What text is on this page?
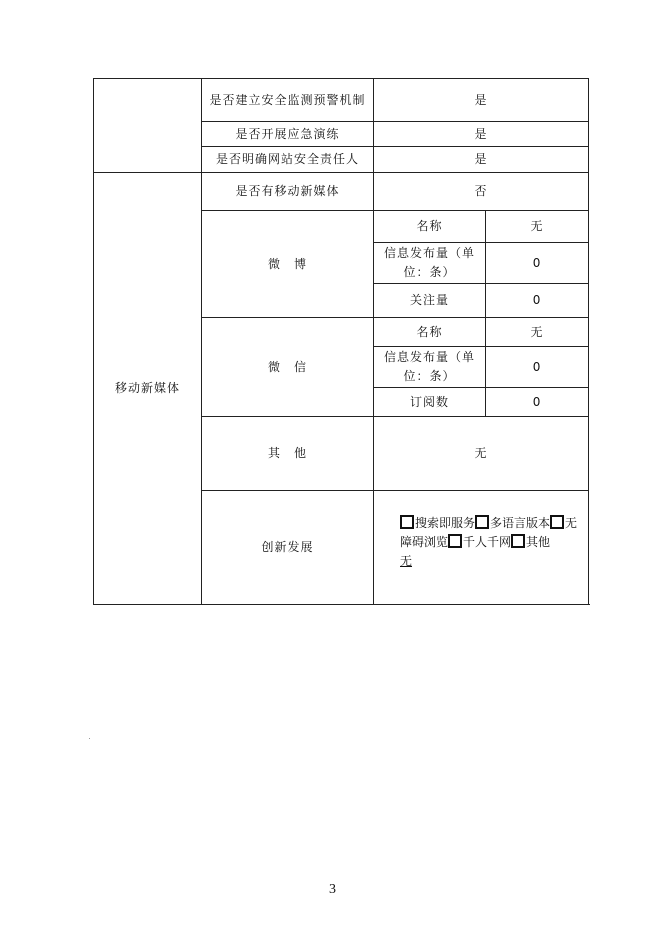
	是否建立安全监测预警机制	是	
	是否开展应急演练	是	
	是否明确网站安全责任人	是	
移动新媒体	是否有移动新媒体	否	
	微　博	名称	无
		信息发布量（单位：条）	0
		关注量	0
	微　信	名称	无
		信息发布量（单位：条）	0
		订阅数	0
	其　他	无	
	创新发展	搜索即服务 多语言版本 无障碍浏览 千人千网 其他
无	
3
